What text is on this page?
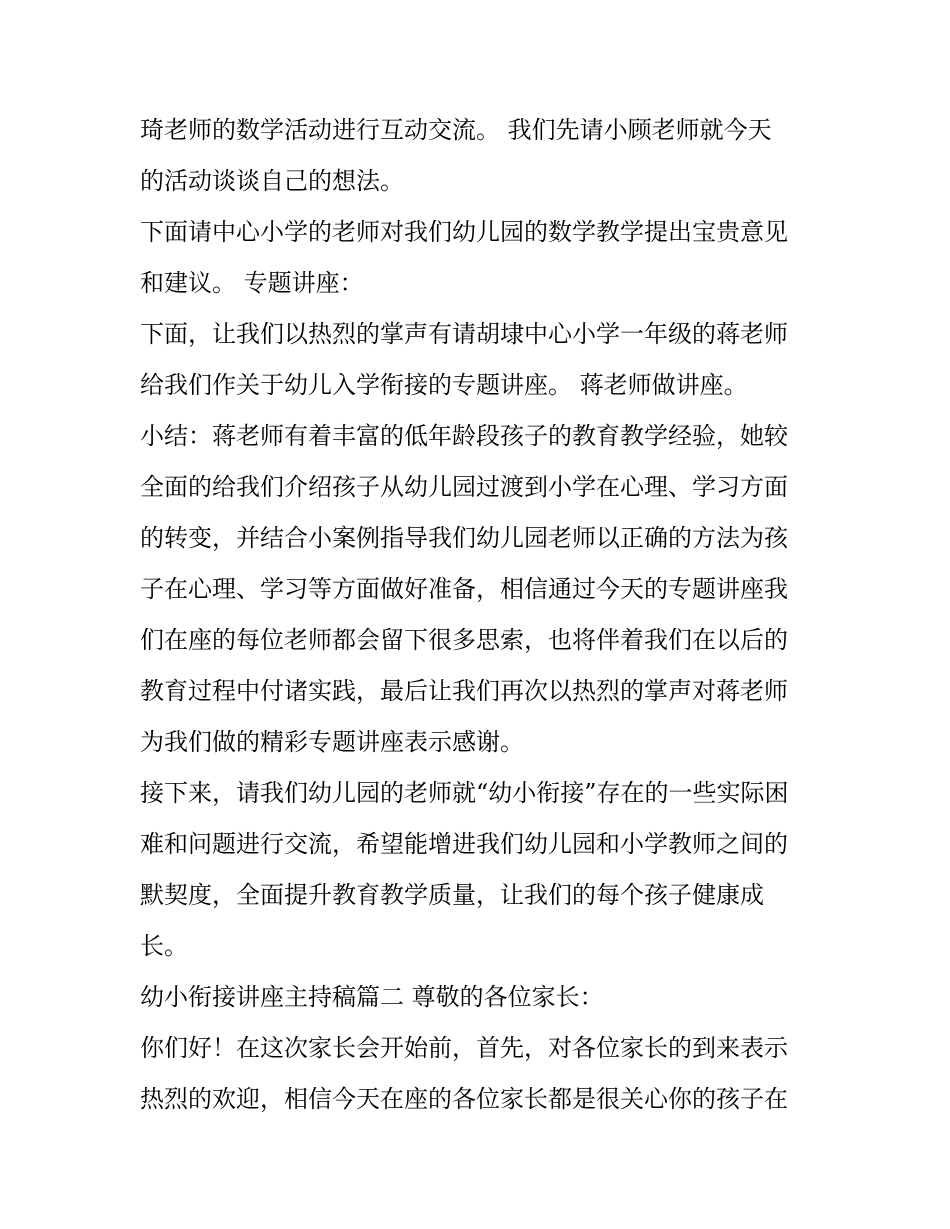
琦老师的数学活动进行互动交流。 我们先请小顾老师就今天
的活动谈谈自己的想法。
下面请中心小学的老师对我们幼儿园的数学教学提出宝贵意见
和建议。 专题讲座：
下面，让我们以热烈的掌声有请胡埭中心小学一年级的蒋老师
给我们作关于幼儿入学衔接的专题讲座。 蒋老师做讲座。
小结：蒋老师有着丰富的低年龄段孩子的教育教学经验，她较
全面的给我们介绍孩子从幼儿园过渡到小学在心理、学习方面
的转变，并结合小案例指导我们幼儿园老师以正确的方法为孩
子在心理、学习等方面做好准备，相信通过今天的专题讲座我
们在座的每位老师都会留下很多思索，也将伴着我们在以后的
教育过程中付诸实践，最后让我们再次以热烈的掌声对蒋老师
为我们做的精彩专题讲座表示感谢。
接下来，请我们幼儿园的老师就“幼小衔接”存在的一些实际困
难和问题进行交流，希望能增进我们幼儿园和小学教师之间的
默契度，全面提升教育教学质量，让我们的每个孩子健康成
长。
幼小衔接讲座主持稿篇二 尊敬的各位家长：
你们好！在这次家长会开始前，首先，对各位家长的到来表示
热烈的欢迎，相信今天在座的各位家长都是很关心你的孩子在
